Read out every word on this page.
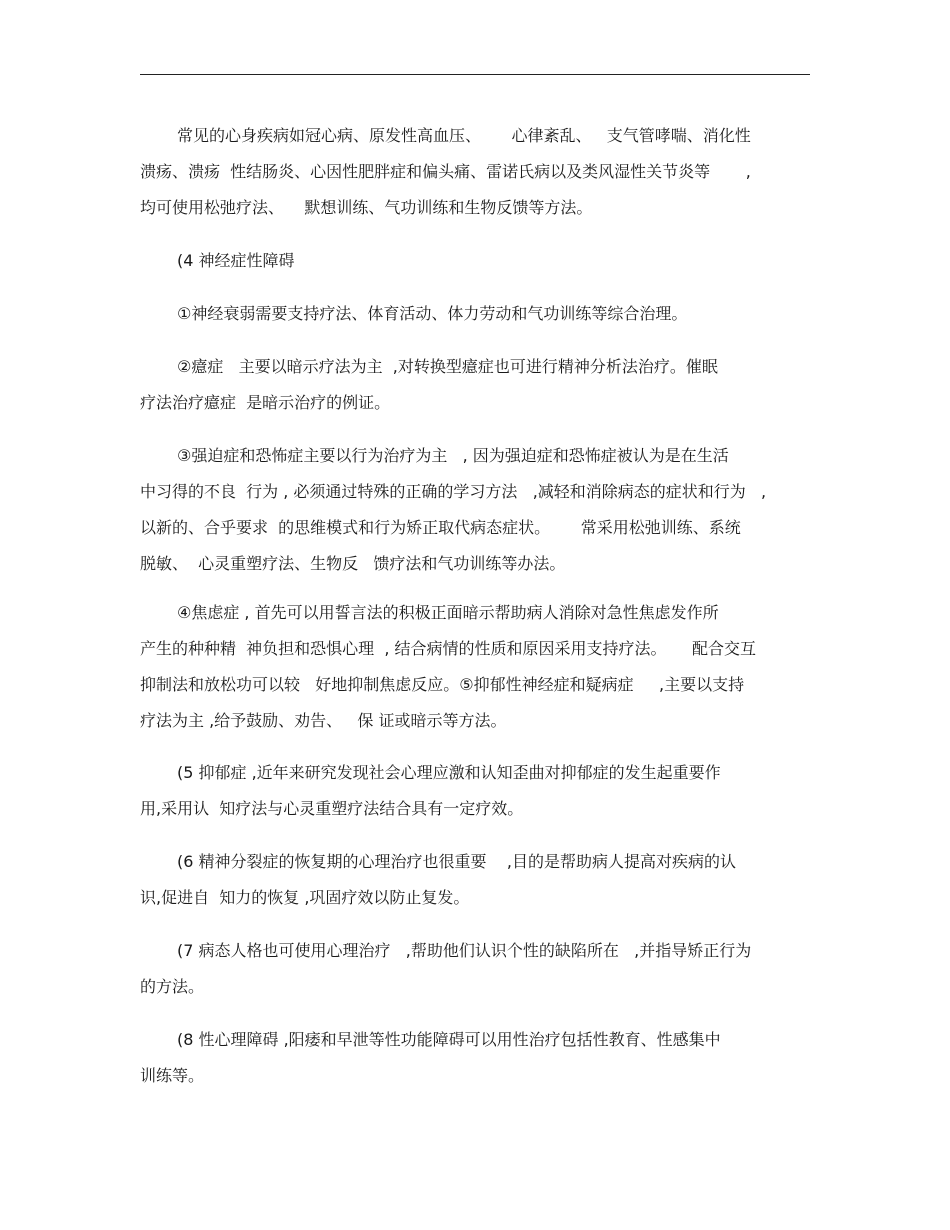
常见的心身疾病如冠心病、原发性高血压、      心律紊乱、   支气管哮喘、消化性
溃疡、溃疡  性结肠炎、心因性肥胖症和偏头痛、雷诺氏病以及类风湿性关节炎等       ,
均可使用松弛疗法、    默想训练、气功训练和生物反馈等方法。
(4 神经症性障碍
①神经衰弱需要支持疗法、体育活动、体力劳动和气功训练等综合治理。
②癔症   主要以暗示疗法为主  ,对转换型癔症也可进行精神分析法治疗。催眠
疗法治疗癔症  是暗示治疗的例证。
③强迫症和恐怖症主要以行为治疗为主   , 因为强迫症和恐怖症被认为是在生活
中习得的不良  行为 , 必须通过特殊的正确的学习方法   ,减轻和消除病态的症状和行为   ,
以新的、合乎要求  的思维模式和行为矫正取代病态症状。      常采用松弛训练、系统
脱敏、  心灵重塑疗法、生物反   馈疗法和气功训练等办法。
④焦虑症 , 首先可以用誓言法的积极正面暗示帮助病人消除对急性焦虑发作所
产生的种种精  神负担和恐惧心理  , 结合病情的性质和原因采用支持疗法。     配合交互
抑制法和放松功可以较   好地抑制焦虑反应。⑤抑郁性神经症和疑病症     ,主要以支持
疗法为主 ,给予鼓励、劝告、   保 证或暗示等方法。
(5 抑郁症 ,近年来研究发现社会心理应激和认知歪曲对抑郁症的发生起重要作
用,采用认  知疗法与心灵重塑疗法结合具有一定疗效。
(6 精神分裂症的恢复期的心理治疗也很重要    ,目的是帮助病人提高对疾病的认
识,促进自  知力的恢复 ,巩固疗效以防止复发。
(7 病态人格也可使用心理治疗   ,帮助他们认识个性的缺陷所在   ,并指导矫正行为
的方法。
(8 性心理障碍 ,阳痿和早泄等性功能障碍可以用性治疗包括性教育、性感集中
训练等。
